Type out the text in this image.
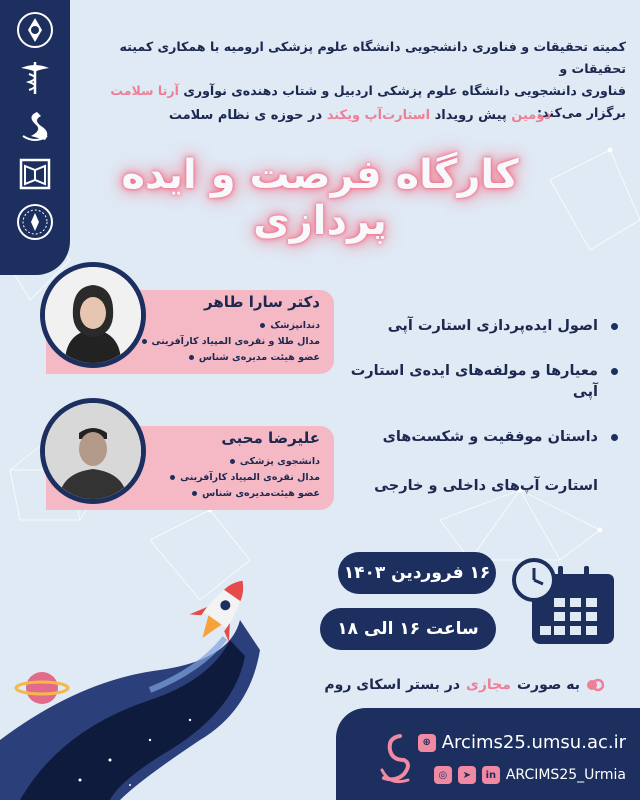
کمیته تحقیقات و فناوری دانشجویی دانشگاه علوم پزشکی ارومیه با همکاری کمیته تحقیقات و
فناوری دانشجویی دانشگاه علوم پزشکی اردبیل و شتاب دهنده‌ی نوآوری آرتا سلامت برگزار می‌کند:
دومین پیش رویداد استارت‌آپ ویکند در حوزه ی نظام سلامت
کارگاه فرصت و ایده پردازی
دکتر سارا طاهر
دندانپزشک
مدال طلا و نقره‌ی المپیاد کارآفرینی
عضو هیئت مدیره‌ی شناس
علیرضا محبی
دانشجوی پزشکی
مدال نقره‌ی المپیاد کارآفرینی
عضو هیئت‌مدیره‌ی شناس
اصول ایده‌پردازی استارت آپی
معیارها و مولفه‌های ایده‌ی استارت آپی
داستان موفقیت و شکست‌های
استارت آپ‌های داخلی و خارجی
۱۶ فروردین ۱۴۰۳
ساعت ۱۶ الی ۱۸
به صورت
مجازی
در بستر اسکای روم
⊕ Arcims25.umsu.ac.ir
◎	➤	in ARCIMS25_Urmia
